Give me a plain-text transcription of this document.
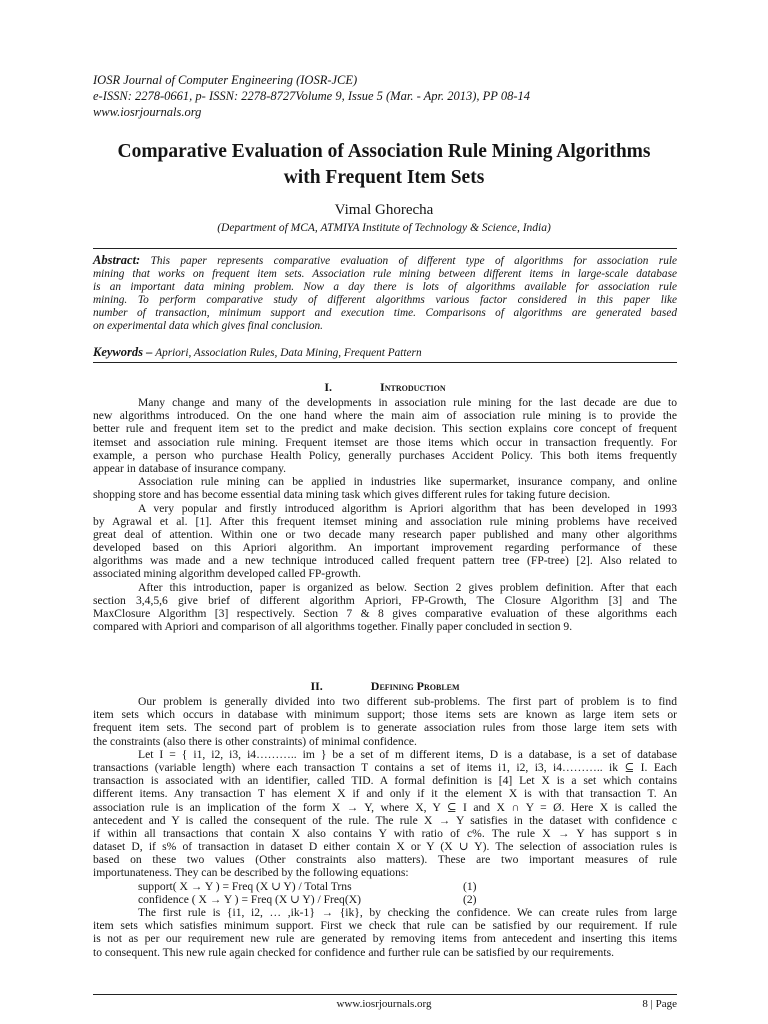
IOSR Journal of Computer Engineering (IOSR-JCE)
e-ISSN: 2278-0661, p- ISSN: 2278-8727Volume 9, Issue 5 (Mar. - Apr. 2013), PP 08-14
www.iosrjournals.org
Comparative Evaluation of Association Rule Mining Algorithms
with Frequent Item Sets
Vimal Ghorecha
(Department of MCA, ATMIYA Institute of Technology & Science, India)
Abstract: This paper represents comparative evaluation of different type of algorithms for association rule
mining that works on frequent item sets. Association rule mining between different items in large-scale database
is an important data mining problem. Now a day there is lots of algorithms available for association rule
mining. To perform comparative study of different algorithms various factor considered in this paper like
number of transaction, minimum support and execution time. Comparisons of algorithms are generated based
on experimental data which gives final conclusion.
Keywords – Apriori, Association Rules, Data Mining, Frequent Pattern
I.	Introduction
Many change and many of the developments in association rule mining for the last decade are due to
new algorithms introduced. On the one hand where the main aim of association rule mining is to provide the
better rule and frequent item set to the predict and make decision. This section explains core concept of frequent
itemset and association rule mining. Frequent itemset are those items which occur in transaction frequently. For
example, a person who purchase Health Policy, generally purchases Accident Policy. This both items frequently
appear in database of insurance company.
Association rule mining can be applied in industries like supermarket, insurance company, and online
shopping store and has become essential data mining task which gives different rules for taking future decision.
A very popular and firstly introduced algorithm is Apriori algorithm that has been developed in 1993
by Agrawal et al. [1]. After this frequent itemset mining and association rule mining problems have received
great deal of attention. Within one or two decade many research paper published and many other algorithms
developed based on this Apriori algorithm. An important improvement regarding performance of these
algorithms was made and a new technique introduced called frequent pattern tree (FP-tree) [2]. Also related to
associated mining algorithm developed called FP-growth.
After this introduction, paper is organized as below. Section 2 gives problem definition. After that each
section 3,4,5,6 give brief of different algorithm Apriori, FP-Growth, The Closure Algorithm [3] and The
MaxClosure Algorithm [3] respectively. Section 7 & 8 gives comparative evaluation of these algorithms each
compared with Apriori and comparison of all algorithms together. Finally paper concluded in section 9.
II.	Defining Problem
Our problem is generally divided into two different sub-problems. The first part of problem is to find
item sets which occurs in database with minimum support; those items sets are known as large item sets or
frequent item sets. The second part of problem is to generate association rules from those large item sets with
the constraints (also there is other constraints) of minimal confidence.
Let I = { i1, i2, i3, i4……….. im } be a set of m different items, D is a database, is a set of database
transactions (variable length) where each transaction T contains a set of items i1, i2, i3, i4……….. ik ⊆ I. Each
transaction is associated with an identifier, called TID. A formal definition is [4] Let X is a set which contains
different items. Any transaction T has element X if and only if it the element X is with that transaction T. An
association rule is an implication of the form X → Y, where X, Y ⊆ I and X ∩ Y = Ø. Here X is called the
antecedent and Y is called the consequent of the rule. The rule X → Y satisfies in the dataset with confidence c
if within all transactions that contain X also contains Y with ratio of c%. The rule X → Y has support s in
dataset D, if s% of transaction in dataset D either contain X or Y (X ∪ Y). The selection of association rules is
based on these two values (Other constraints also matters). These are two important measures of rule
importunateness. They can be described by the following equations:
support( X → Y ) = Freq (X ∪ Y) / Total Trns	(1)
confidence ( X → Y ) = Freq (X ∪ Y) / Freq(X)	(2)
The first rule is {i1, i2, … ,ik-1} → {ik}, by checking the confidence. We can create rules from large
item sets which satisfies minimum support. First we check that rule can be satisfied by our requirement. If rule
is not as per our requirement new rule are generated by removing items from antecedent and inserting this items
to consequent. This new rule again checked for confidence and further rule can be satisfied by our requirements.
www.iosrjournals.org	8 | Page
